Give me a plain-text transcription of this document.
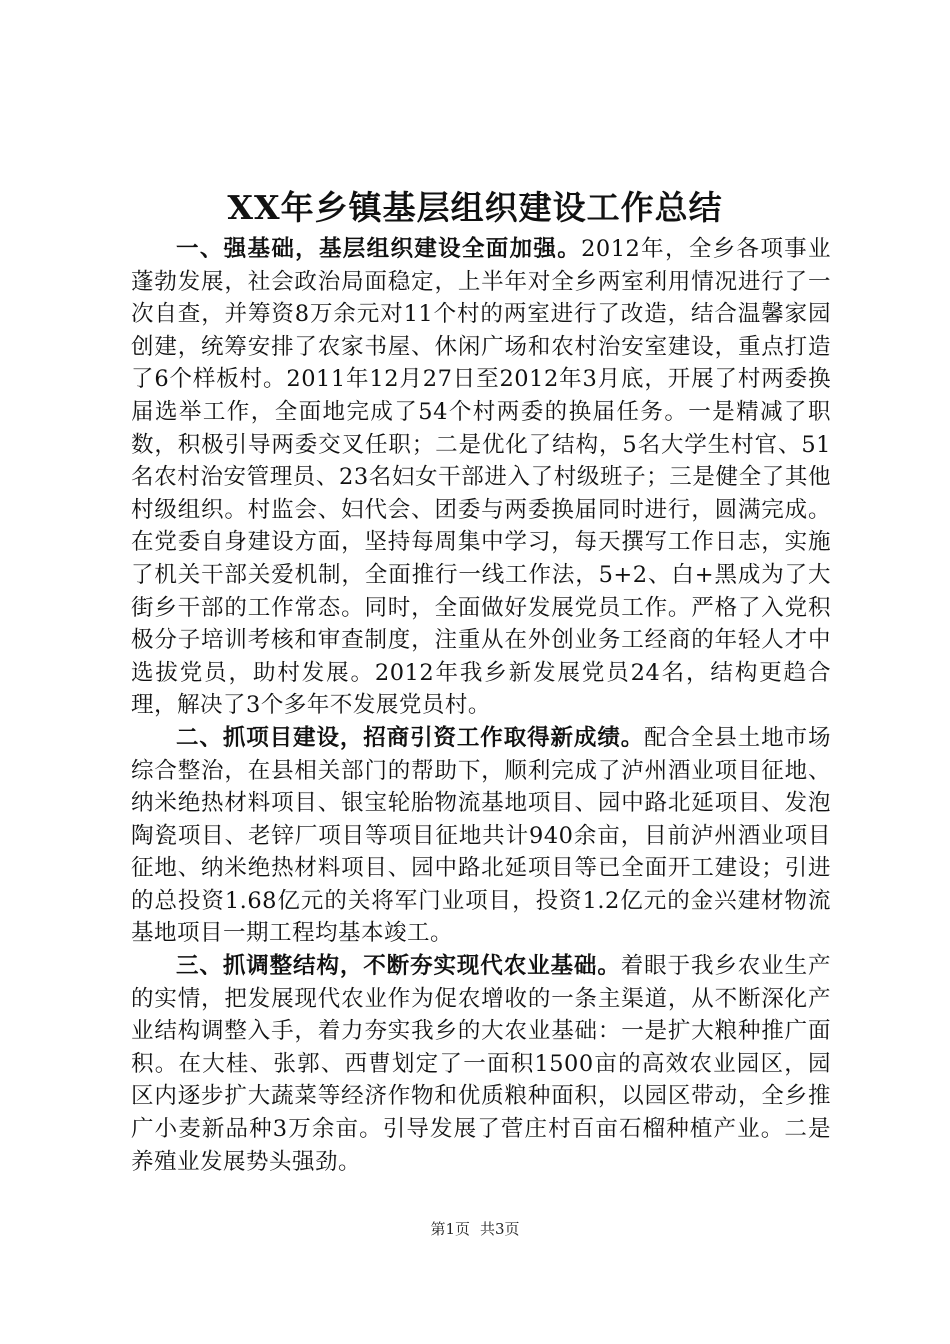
XX年乡镇基层组织建设工作总结

一、强基础，基层组织建设全面加强。2012年，全乡各项事业蓬勃发展，社会政治局面稳定，上半年对全乡两室利用情况进行了一次自查，并筹资8万余元对11个村的两室进行了改造，结合温馨家园创建，统筹安排了农家书屋、休闲广场和农村治安室建设，重点打造了6个样板村。2011年12月27日至2012年3月底，开展了村两委换届选举工作，全面地完成了54个村两委的换届任务。一是精减了职数，积极引导两委交叉任职；二是优化了结构，5名大学生村官、51名农村治安管理员、23名妇女干部进入了村级班子；三是健全了其他村级组织。村监会、妇代会、团委与两委换届同时进行，圆满完成。在党委自身建设方面，坚持每周集中学习，每天撰写工作日志，实施了机关干部关爱机制，全面推行一线工作法，5+2、白+黑成为了大街乡干部的工作常态。同时，全面做好发展党员工作。严格了入党积极分子培训考核和审查制度，注重从在外创业务工经商的年轻人才中选拔党员，助村发展。2012年我乡新发展党员24名，结构更趋合理，解决了3个多年不发展党员村。

二、抓项目建设，招商引资工作取得新成绩。配合全县土地市场综合整治，在县相关部门的帮助下，顺利完成了泸州酒业项目征地、纳米绝热材料项目、银宝轮胎物流基地项目、园中路北延项目、发泡陶瓷项目、老锌厂项目等项目征地共计940余亩，目前泸州酒业项目征地、纳米绝热材料项目、园中路北延项目等已全面开工建设；引进的总投资1.68亿元的关将军门业项目，投资1.2亿元的金兴建材物流基地项目一期工程均基本竣工。

三、抓调整结构，不断夯实现代农业基础。着眼于我乡农业生产的实情，把发展现代农业作为促农增收的一条主渠道，从不断深化产业结构调整入手，着力夯实我乡的大农业基础：一是扩大粮种推广面积。在大桂、张郭、西曹划定了一面积1500亩的高效农业园区，园区内逐步扩大蔬菜等经济作物和优质粮种面积，以园区带动，全乡推广小麦新品种3万余亩。引导发展了菅庄村百亩石榴种植产业。二是养殖业发展势头强劲。

第1页 共3页
